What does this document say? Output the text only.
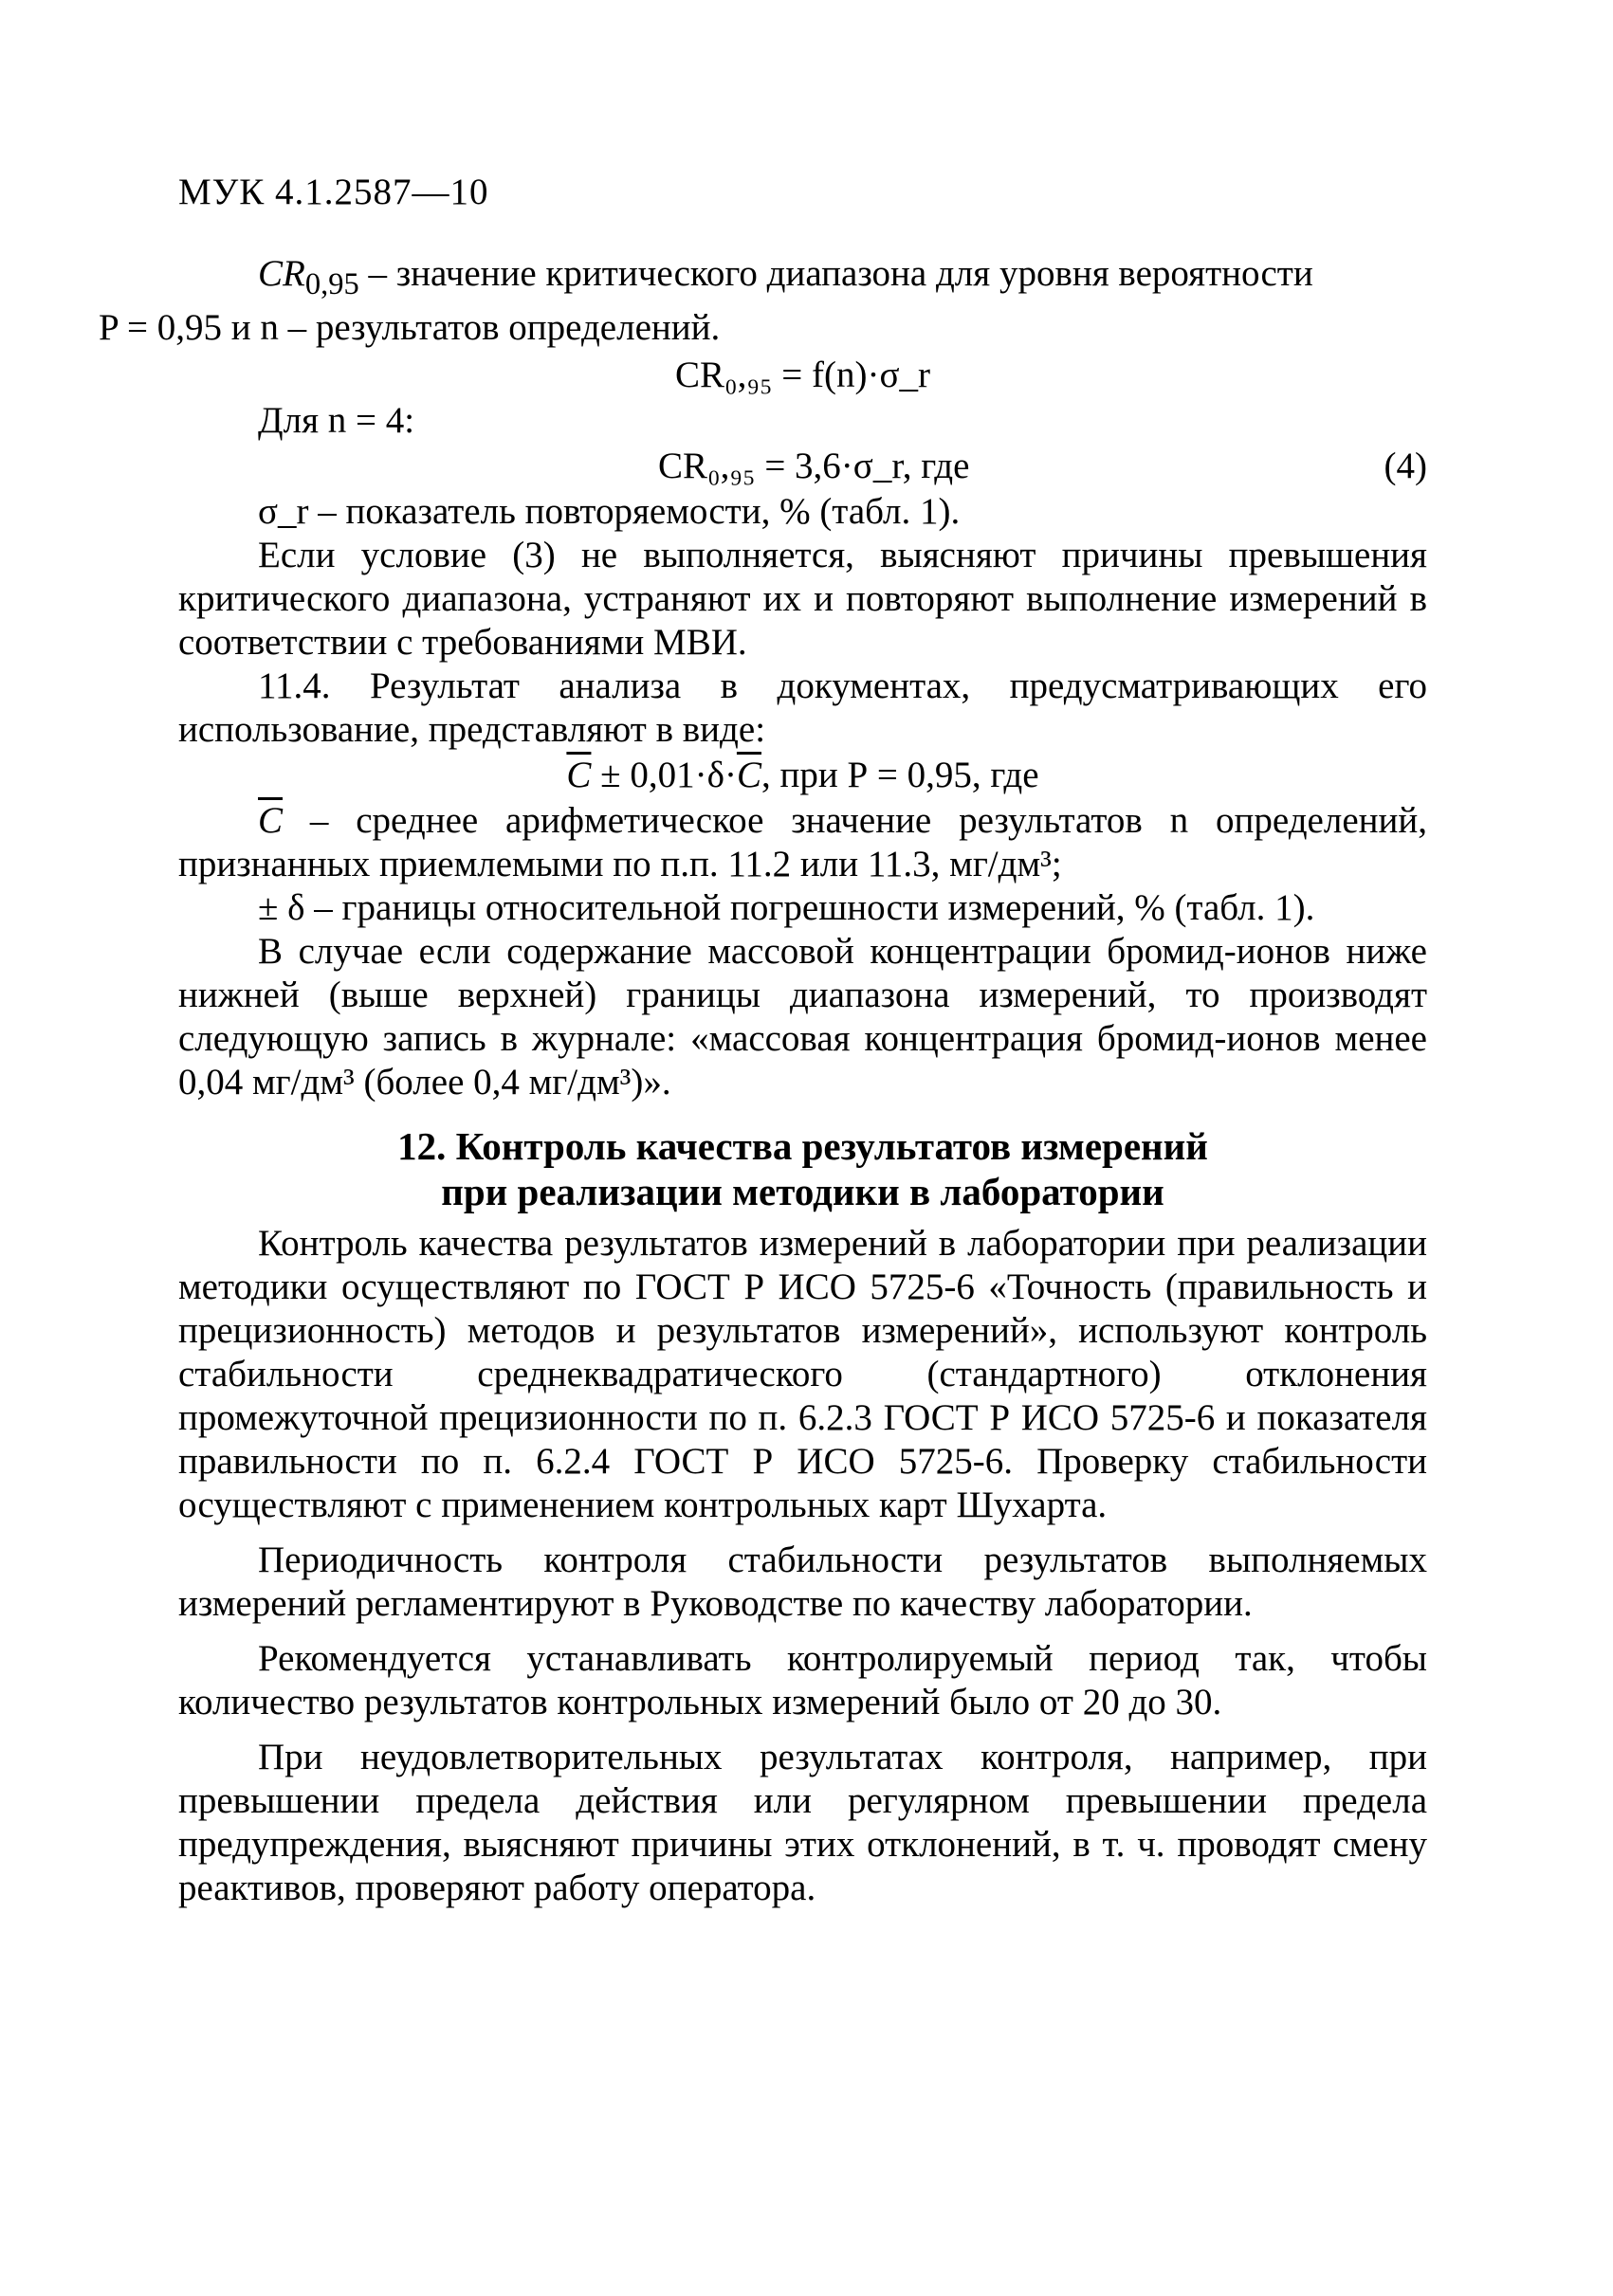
МУК 4.1.2587—10

$CR_{0,95}$ – значение критического диапазона для уровня вероятности
P = 0,95 и n – результатов определений.

CR₀,₉₅ = f(n)·σ_r
Для n = 4:
CR₀,₉₅ = 3,6·σ_r, где	(4)
σ_r – показатель повторяемости, % (табл. 1).

Если условие (3) не выполняется, выясняют причины превышения критического диапазона, устраняют их и повторяют выполнение измерений в соответствии с требованиями МВИ.

11.4. Результат анализа в документах, предусматривающих его использование, представляют в виде:

$\overline{C} \pm 0,01\cdot\delta\cdot\overline{C}$, при Р = 0,95, где

$\overline{C}$ – среднее арифметическое значение результатов n определений, признанных приемлемыми по п.п. 11.2 или 11.3, мг/дм³;

± δ – границы относительной погрешности измерений, % (табл. 1).

В случае если содержание массовой концентрации бромид-ионов ниже нижней (выше верхней) границы диапазона измерений, то производят следующую запись в журнале: «массовая концентрация бромид-ионов менее 0,04 мг/дм³ (более 0,4 мг/дм³)».

12. Контроль качества результатов измерений
при реализации методики в лаборатории

Контроль качества результатов измерений в лаборатории при реализации методики осуществляют по ГОСТ Р ИСО 5725-6 «Точность (правильность и прецизионность) методов и результатов измерений», используют контроль стабильности среднеквадратического (стандартного) отклонения промежуточной прецизионности по п. 6.2.3 ГОСТ Р ИСО 5725-6 и показателя правильности по п. 6.2.4 ГОСТ Р ИСО 5725-6. Проверку стабильности осуществляют с применением контрольных карт Шухарта.

Периодичность контроля стабильности результатов выполняемых измерений регламентируют в Руководстве по качеству лаборатории.

Рекомендуется устанавливать контролируемый период так, чтобы количество результатов контрольных измерений было от 20 до 30.

При неудовлетворительных результатах контроля, например, при превышении предела действия или регулярном превышении предела предупреждения, выясняют причины этих отклонений, в т. ч. проводят смену реактивов, проверяют работу оператора.
